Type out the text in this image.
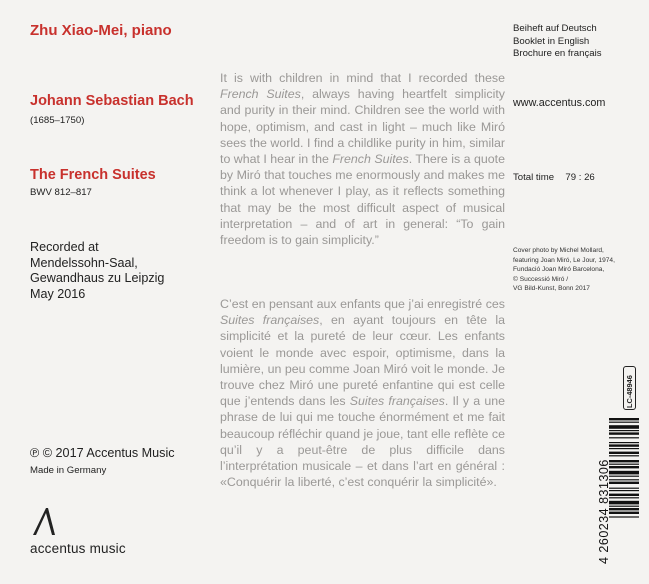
Zhu Xiao-Mei, piano
Johann Sebastian Bach
(1685–1750)
The French Suites
BWV 812–817
Recorded at
Mendelssohn-Saal,
Gewandhaus zu Leipzig
May 2016
℗ © 2017 Accentus Music
Made in Germany
accentus music

It is with children in mind that I recorded these French Suites, always having heartfelt simplicity and purity in their mind. Children see the world with hope, optimism, and cast in light – much like Miró sees the world. I find a childlike purity in him, similar to what I hear in the French Suites. There is a quote by Miró that touches me enormously and makes me think a lot whenever I play, as it reflects something that may be the most difficult aspect of musical interpretation – and of art in general: “To gain freedom is to gain simplicity.”

C’est en pensant aux enfants que j’ai enregistré ces Suites françaises, en ayant toujours en tête la simplicité et la pureté de leur cœur. Les enfants voient le monde avec espoir, optimisme, dans la lumière, un peu comme Joan Miró voit le monde. Je trouve chez Miró une pureté enfantine qui est celle que j’entends dans les Suites françaises. Il y a une phrase de lui qui me touche énormément et me fait beaucoup réfléchir quand je joue, tant elle reflète ce qu’il y a peut-être de plus difficile dans l’interprétation musicale – et dans l’art en général : «Conquérir la liberté, c’est conquérir la simplicité».

Beiheft auf Deutsch
Booklet in English
Brochure en français
www.accentus.com
Total time 79 : 26
Cover photo by Michel Mollard,
featuring Joan Miró, Le Jour, 1974,
Fundació Joan Miró Barcelona,
© Successió Miró /
VG Bild-Kunst, Bonn 2017
LC-48946
4 260234 831306
